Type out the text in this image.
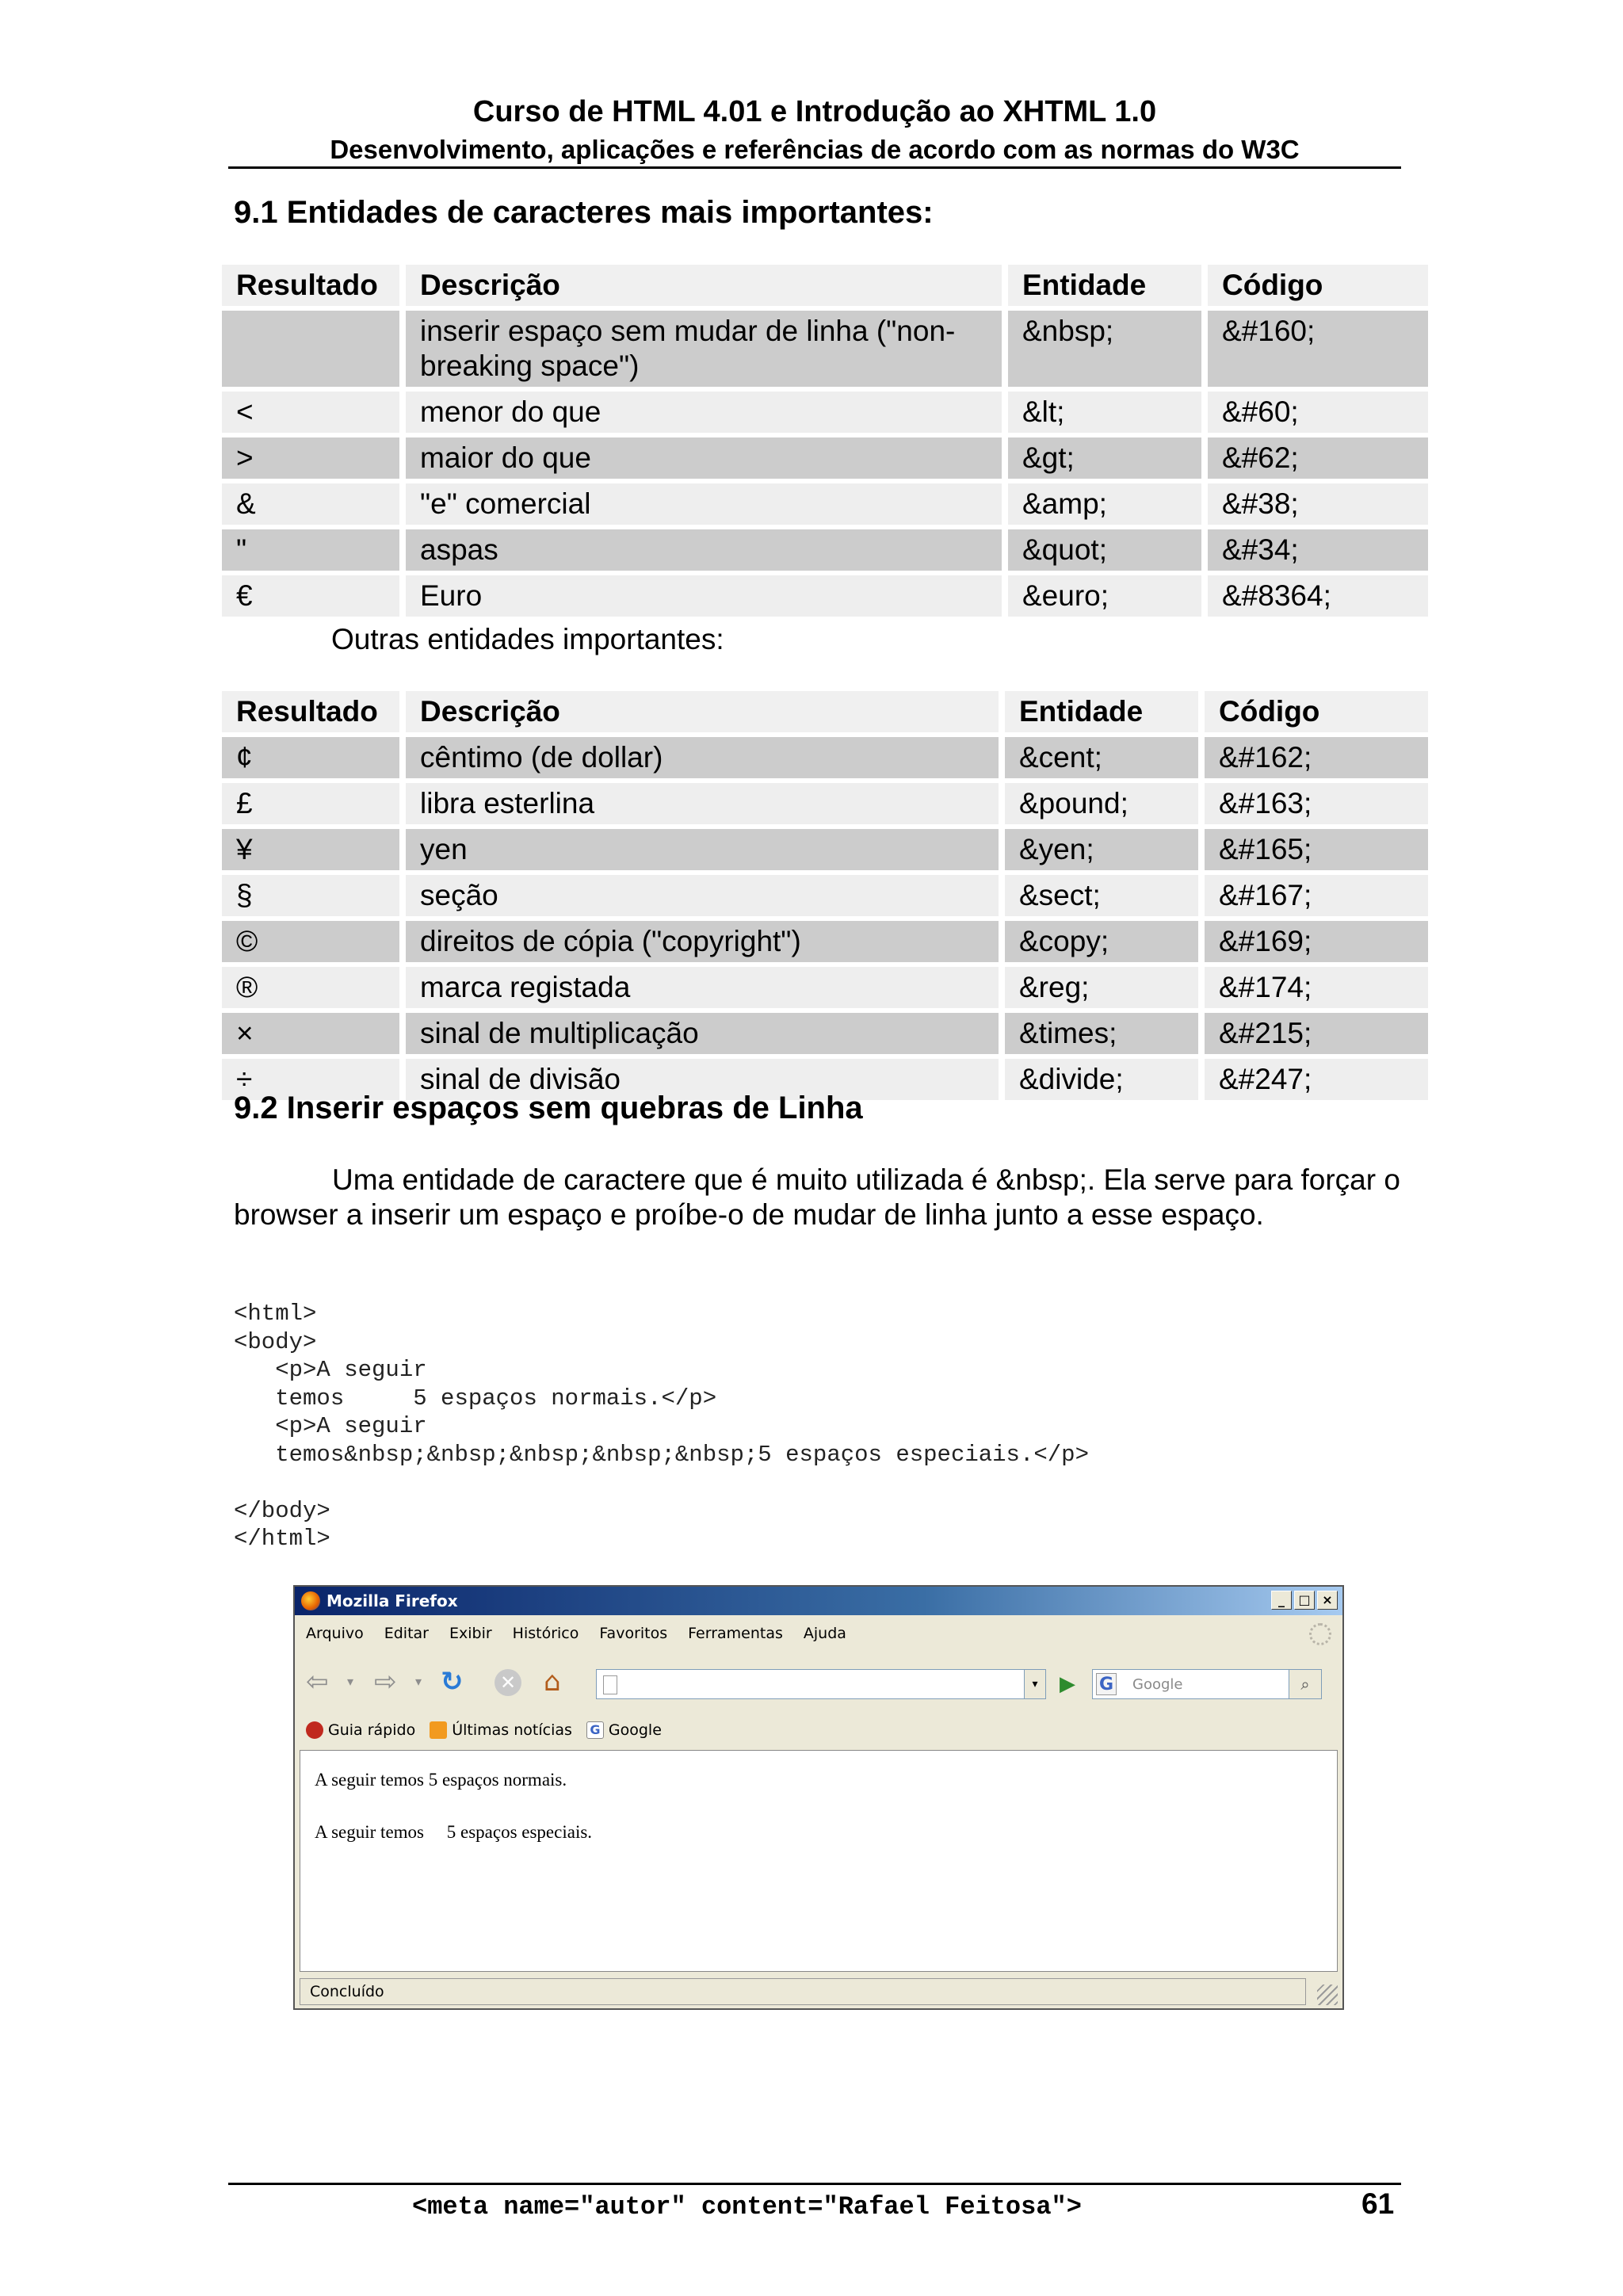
Curso de HTML 4.01 e Introdução ao XHTML 1.0
Desenvolvimento, aplicações e referências de acordo com as normas do W3C
9.1 Entidades de caracteres mais importantes:
Resultado	Descrição	Entidade	Código
	inserir espaço sem mudar de linha ("non-breaking space")	&nbsp;	&#160;
<	menor do que	&lt;	&#60;
>	maior do que	&gt;	&#62;
&	"e" comercial	&amp;	&#38;
"	aspas	&quot;	&#34;
€	Euro	&euro;	&#8364;
Outras entidades importantes:
Resultado	Descrição	Entidade	Código
¢	cêntimo (de dollar)	&cent;	&#162;
£	libra esterlina	&pound;	&#163;
¥	yen	&yen;	&#165;
§	seção	&sect;	&#167;
©	direitos de cópia ("copyright")	&copy;	&#169;
®	marca registada	&reg;	&#174;
×	sinal de multiplicação	&times;	&#215;
÷	sinal de divisão	&divide;	&#247;
9.2 Inserir espaços sem quebras de Linha
Uma entidade de caractere que é muito utilizada é &nbsp;. Ela serve para forçar o browser a inserir um espaço e proíbe-o de mudar de linha junto a esse espaço.
<html>
<body>
<p>A seguir
temos     5 espaços normais.</p>
<p>A seguir
temos&nbsp;&nbsp;&nbsp;&nbsp;&nbsp;5 espaços especiais.</p>

</body>
</html>
Mozilla Firefox	_	□ ×
Arquivo Editar Exibir Histórico Favoritos Ferramentas Ajuda
⇦ ▾ ⇨ ▾ ↻ ✕ ⌂	▾	▶	G Google	⌕
Guia rápido Últimas notícias G Google
A seguir temos 5 espaços normais.
A seguir temos     5 espaços especiais.
Concluído
<meta name="autor" content="Rafael Feitosa">	61
